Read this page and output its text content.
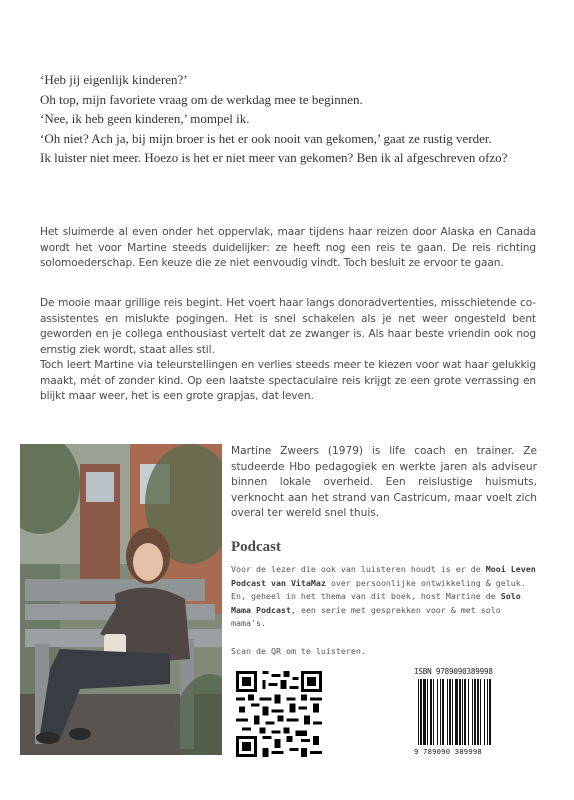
‘Heb jij eigenlijk kinderen?’

Oh top, mijn favoriete vraag om de werkdag mee te beginnen.

‘Nee, ik heb geen kinderen,’ mompel ik.

‘Oh niet? Ach ja, bij mijn broer is het er ook nooit van gekomen,’ gaat ze rustig verder.

Ik luister niet meer. Hoezo is het er niet meer van gekomen? Ben ik al afgeschreven ofzo?

Het sluimerde al even onder het oppervlak, maar tijdens haar reizen door Alaska en Canada wordt het voor Martine steeds duidelijker: ze heeft nog een reis te gaan. De reis richting solomoederschap. Een keuze die ze niet eenvoudig vindt. Toch besluit ze ervoor te gaan.

De mooie maar grillige reis begint. Het voert haar langs donoradvertenties, misschietende co-assistentes en mislukte pogingen. Het is snel schakelen als je net weer ongesteld bent geworden en je collega enthousiast vertelt dat ze zwanger is. Als haar beste vriendin ook nog ernstig ziek wordt, staat alles stil.

Toch leert Martine via teleurstellingen en verlies steeds meer te kiezen voor wat haar gelukkig maakt, mét of zonder kind. Op een laatste spectaculaire reis krijgt ze een grote verrassing en blijkt maar weer, het is een grote grapjas, dat leven.

Martine Zweers (1979) is life coach en trainer. Ze studeerde Hbo pedagogiek en werkte jaren als adviseur binnen lokale overheid. Een reislustige huismuts, verknocht aan het strand van Castricum, maar voelt zich overal ter wereld snel thuis.

Podcast

Voor de lezer die ook van luisteren houdt is er de Mooi Leven Podcast van VitaMaz over persoonlijke ontwikkeling & geluk. En, geheel in het thema van dit boek, host Martine de Solo Mama Podcast, een serie met gesprekken voor & met solo mama's.

Scan de QR om te luisteren.

ISBN 9789090389998
9 789090 389998
